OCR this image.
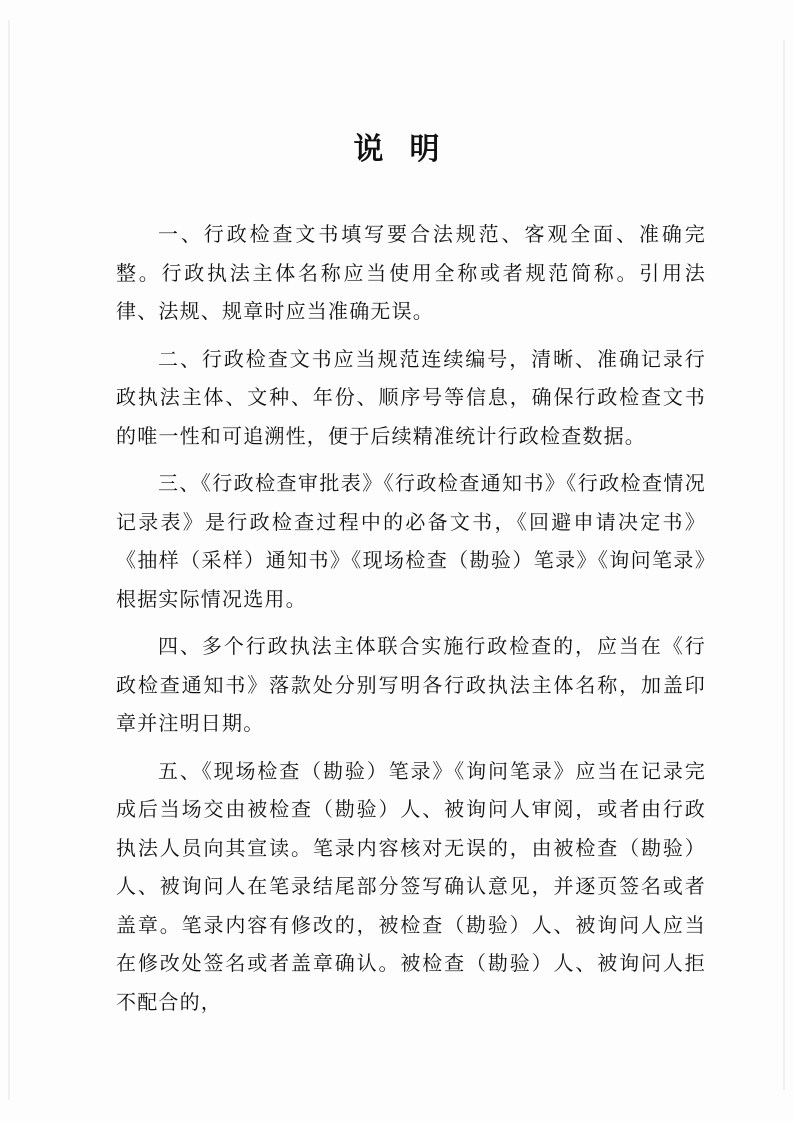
说明

一、行政检查文书填写要合法规范、客观全面、准确完整。行政执法主体名称应当使用全称或者规范简称。引用法律、法规、规章时应当准确无误。

二、行政检查文书应当规范连续编号，清晰、准确记录行政执法主体、文种、年份、顺序号等信息，确保行政检查文书的唯一性和可追溯性，便于后续精准统计行政检查数据。

三、《行政检查审批表》《行政检查通知书》《行政检查情况记录表》是行政检查过程中的必备文书，《回避申请决定书》《抽样（采样）通知书》《现场检查（勘验）笔录》《询问笔录》根据实际情况选用。

四、多个行政执法主体联合实施行政检查的，应当在《行政检查通知书》落款处分别写明各行政执法主体名称，加盖印章并注明日期。

五、《现场检查（勘验）笔录》《询问笔录》应当在记录完成后当场交由被检查（勘验）人、被询问人审阅，或者由行政执法人员向其宣读。笔录内容核对无误的，由被检查（勘验）人、被询问人在笔录结尾部分签写确认意见，并逐页签名或者盖章。笔录内容有修改的，被检查（勘验）人、被询问人应当在修改处签名或者盖章确认。被检查（勘验）人、被询问人拒不配合的，
